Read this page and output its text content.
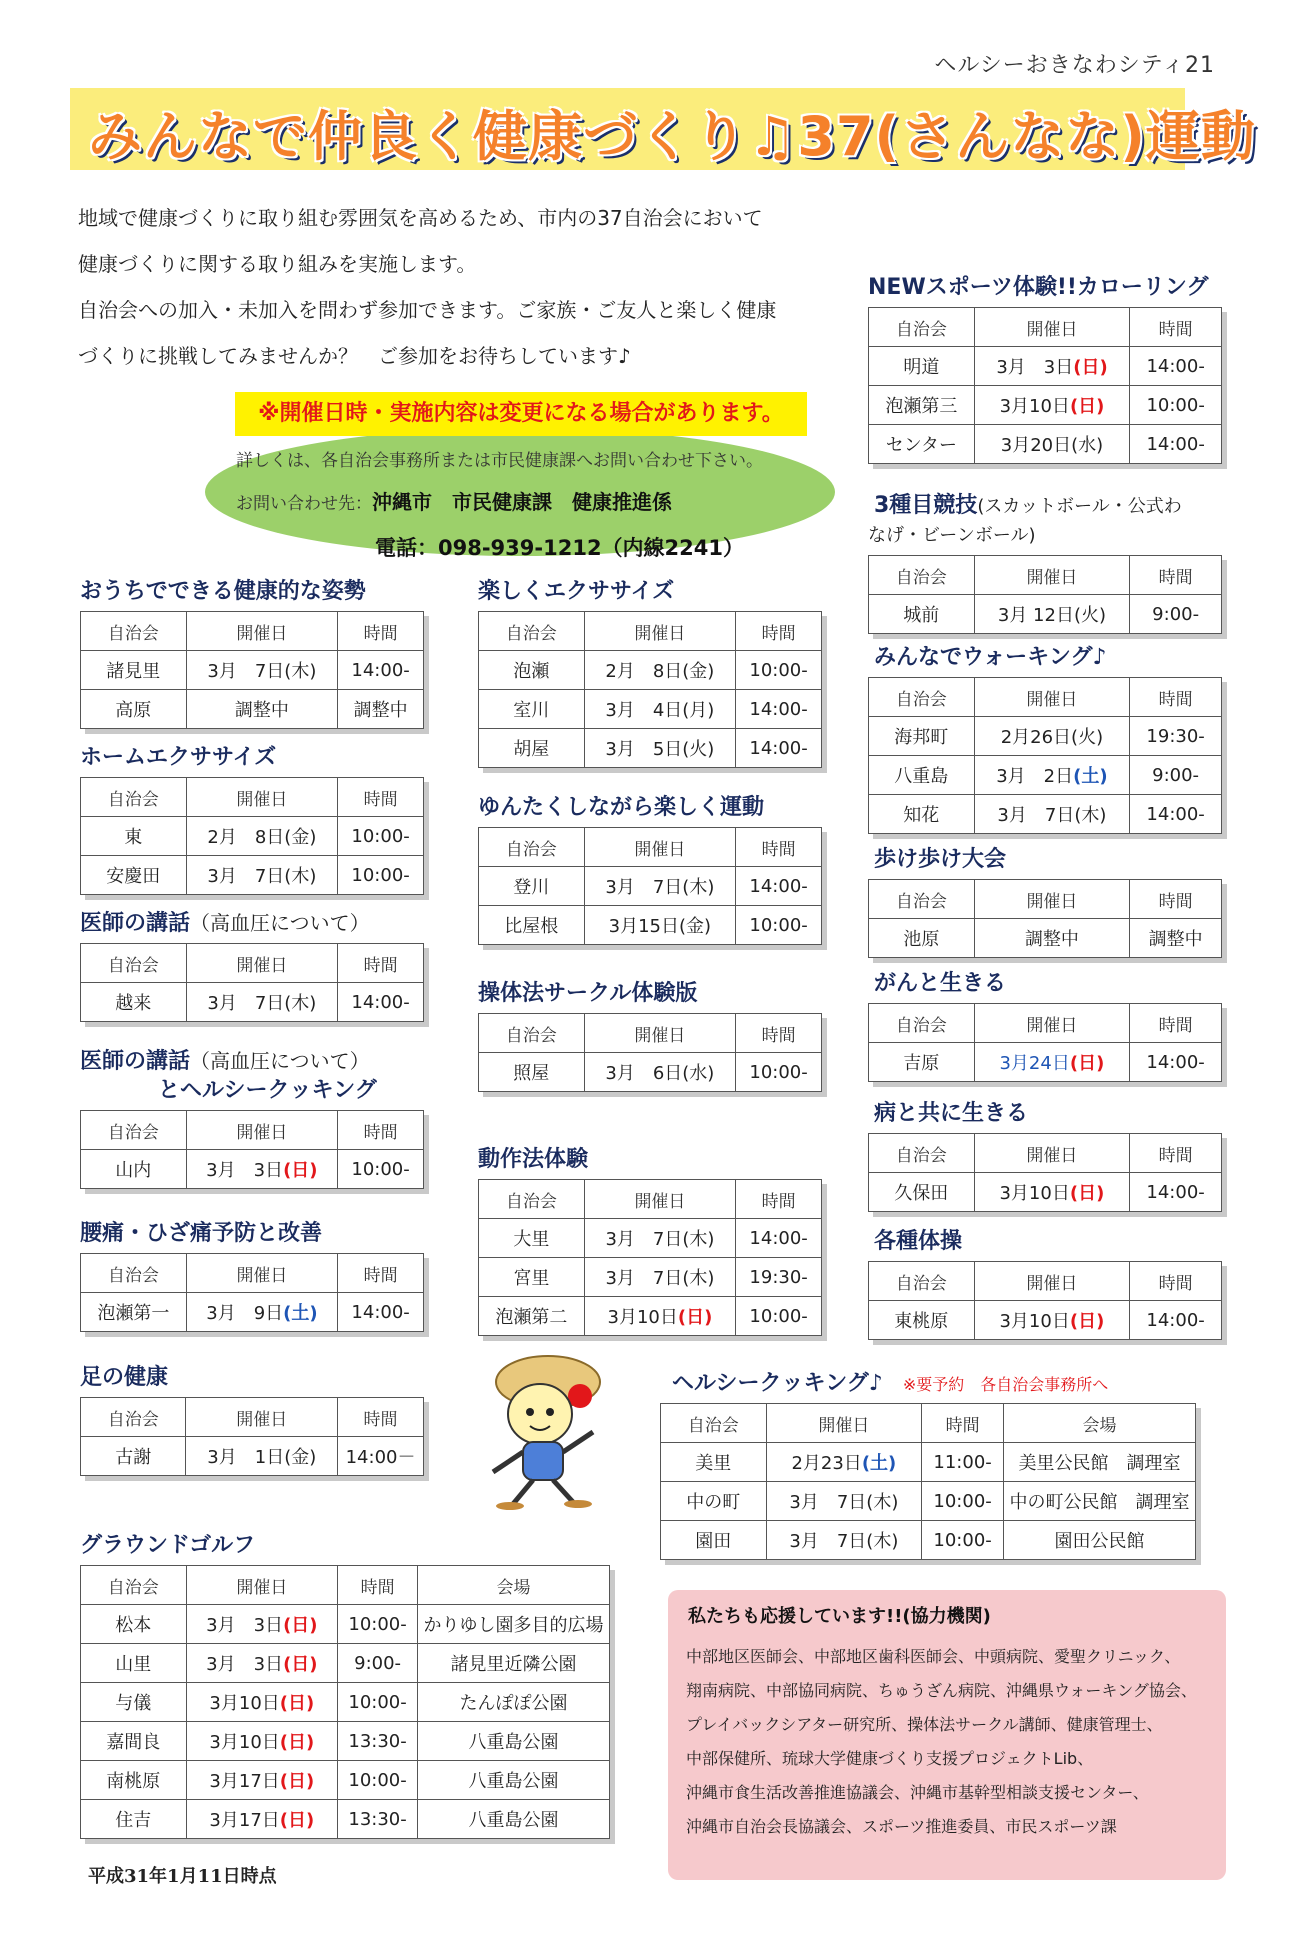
ヘルシーおきなわシティ21
みんなで仲良く健康づくり♫37(さんなな)運動
地域で健康づくりに取り組む雰囲気を高めるため、市内の37自治会において
健康づくりに関する取り組みを実施します。
自治会への加入・未加入を問わず参加できます。ご家族・ご友人と楽しく健康
づくりに挑戦してみませんか？　ご参加をお待ちしています♪
※開催日時・実施内容は変更になる場合があります。
詳しくは、各自治会事務所または市民健康課へお問い合わせ下さい。
お問い合わせ先：沖縄市　市民健康課　健康推進係
電話：098-939-1212（内線2241）
おうちでできる健康的な姿勢
自治会	開催日	時間
諸見里	3月　7日(木)	14:00-
高原	調整中	調整中
ホームエクササイズ
自治会	開催日	時間
東	2月　8日(金)	10:00-
安慶田	3月　7日(木)	10:00-
医師の講話（高血圧について）
自治会	開催日	時間
越来	3月　7日(木)	14:00-
医師の講話（高血圧について）
とヘルシークッキング
自治会	開催日	時間
山内	3月　3日(日)	10:00-
腰痛・ひざ痛予防と改善
自治会	開催日	時間
泡瀬第一	3月　9日(土)	14:00-
足の健康
自治会	開催日	時間
古謝	3月　1日(金)	14:00－
グラウンドゴルフ
自治会	開催日	時間	会場
松本	3月　3日(日)	10:00-	かりゆし園多目的広場
山里	3月　3日(日)	9:00-	諸見里近隣公園
与儀	3月10日(日)	10:00-	たんぽぽ公園
嘉間良	3月10日(日)	13:30-	八重島公園
南桃原	3月17日(日)	10:00-	八重島公園
住吉	3月17日(日)	13:30-	八重島公園
楽しくエクササイズ
自治会	開催日	時間
泡瀬	2月　8日(金)	10:00-
室川	3月　4日(月)	14:00-
胡屋	3月　5日(火)	14:00-
ゆんたくしながら楽しく運動
自治会	開催日	時間
登川	3月　7日(木)	14:00-
比屋根	3月15日(金)	10:00-
操体法サークル体験版
自治会	開催日	時間
照屋	3月　6日(水)	10:00-
動作法体験
自治会	開催日	時間
大里	3月　7日(木)	14:00-
宮里	3月　7日(木)	19:30-
泡瀬第二	3月10日(日)	10:00-
NEWスポーツ体験!!カローリング
自治会	開催日	時間
明道	3月　3日(日)	14:00-
泡瀬第三	3月10日(日)	10:00-
センター	3月20日(水)	14:00-
3種目競技(スカットボール・公式わ
なげ・ビーンボール)
自治会	開催日	時間
城前	3月 12日(火)	9:00-
みんなでウォーキング♪
自治会	開催日	時間
海邦町	2月26日(火)	19:30-
八重島	3月　2日(土)	9:00-
知花	3月　7日(木)	14:00-
歩け歩け大会
自治会	開催日	時間
池原	調整中	調整中
がんと生きる
自治会	開催日	時間
吉原	3月24日(日)	14:00-
病と共に生きる
自治会	開催日	時間
久保田	3月10日(日)	14:00-
各種体操
自治会	開催日	時間
東桃原	3月10日(日)	14:00-
ヘルシークッキング♪ ※要予約　各自治会事務所へ
自治会	開催日	時間	会場
美里	2月23日(土)	11:00-	美里公民館　調理室
中の町	3月　7日(木)	10:00-	中の町公民館　調理室
園田	3月　7日(木)	10:00-	園田公民館
私たちも応援しています!!(協力機関)
中部地区医師会、中部地区歯科医師会、中頭病院、愛聖クリニック、
翔南病院、中部協同病院、ちゅうざん病院、沖縄県ウォーキング協会、
プレイバックシアター研究所、操体法サークル講師、健康管理士、
中部保健所、琉球大学健康づくり支援プロジェクトLib、
沖縄市食生活改善推進協議会、沖縄市基幹型相談支援センター、
沖縄市自治会長協議会、スポーツ推進委員、市民スポーツ課
平成31年1月11日時点
